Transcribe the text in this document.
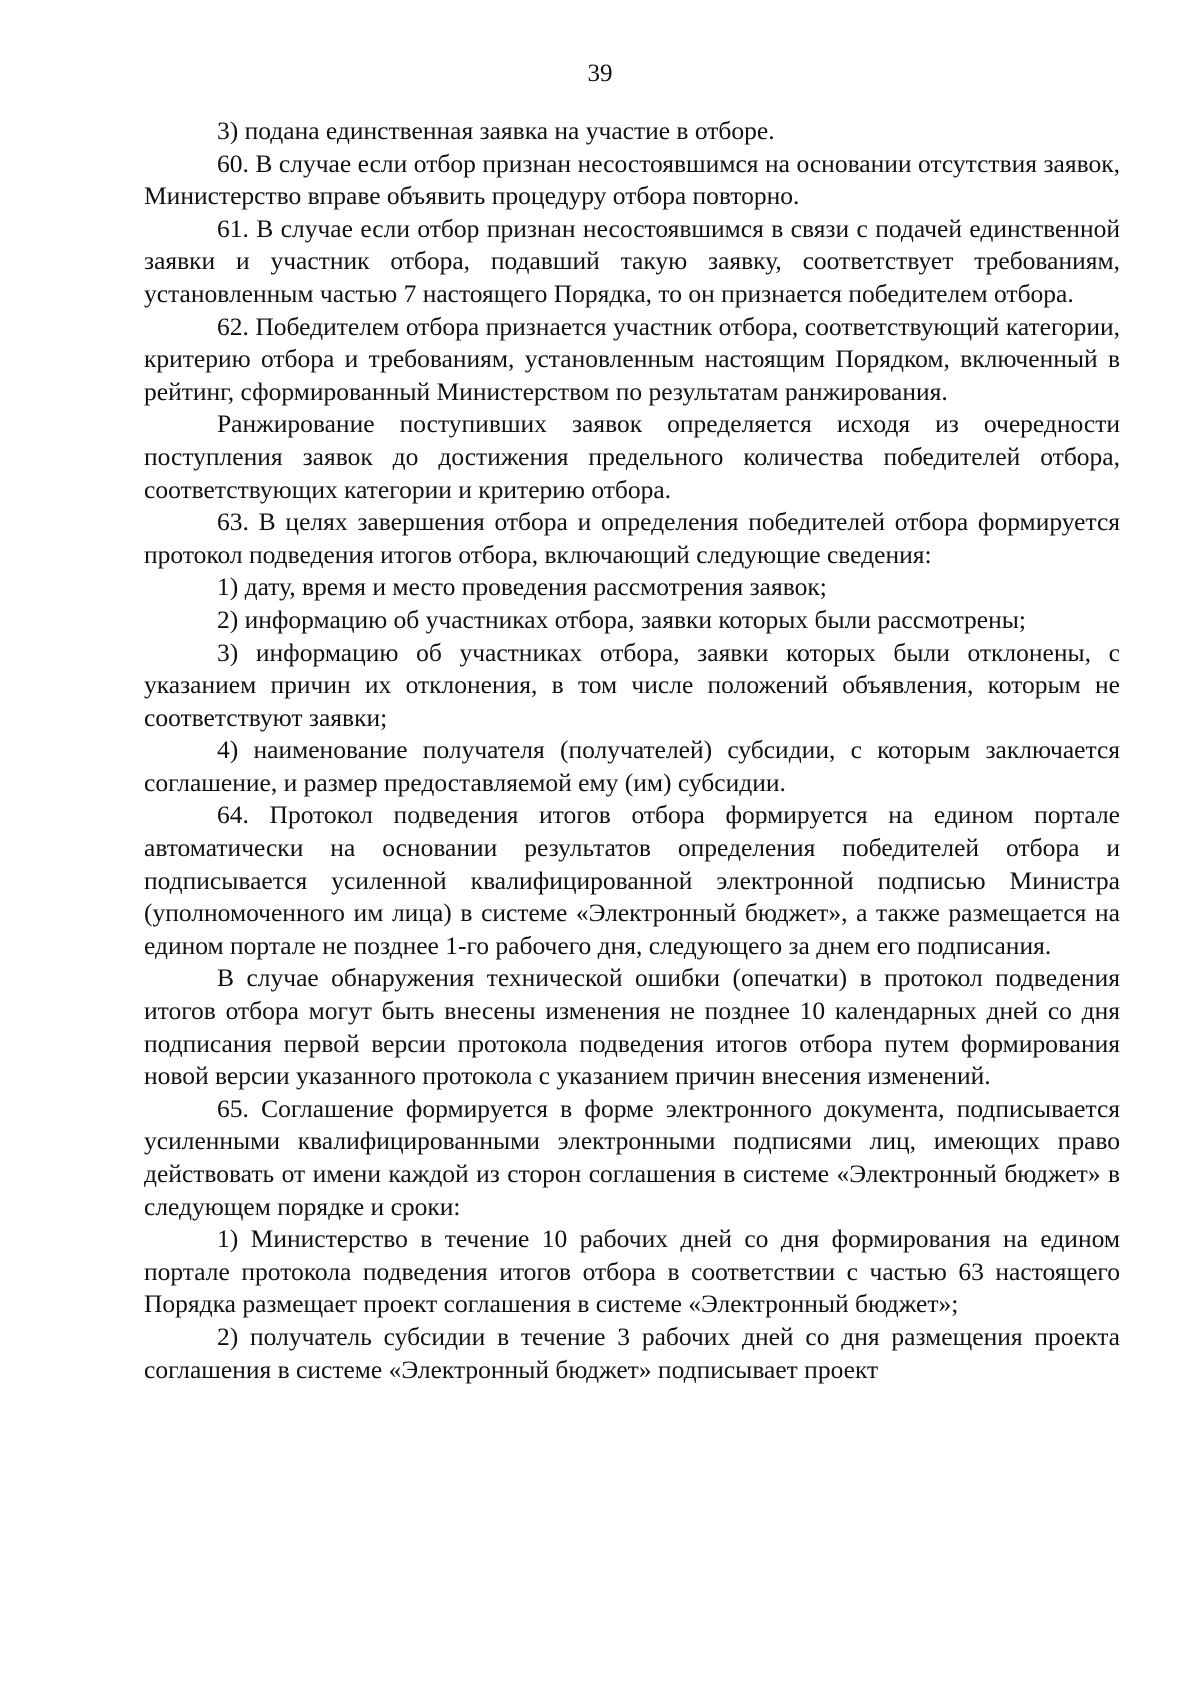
39

3) подана единственная заявка на участие в отборе.

60. В случае если отбор признан несостоявшимся на основании отсутствия заявок, Министерство вправе объявить процедуру отбора повторно.

61. В случае если отбор признан несостоявшимся в связи с подачей единственной заявки и участник отбора, подавший такую заявку, соответствует требованиям, установленным частью 7 настоящего Порядка, то он признается победителем отбора.

62. Победителем отбора признается участник отбора, соответствующий категории, критерию отбора и требованиям, установленным настоящим Порядком, включенный в рейтинг, сформированный Министерством по результатам ранжирования.

Ранжирование поступивших заявок определяется исходя из очередности поступления заявок до достижения предельного количества победителей отбора, соответствующих категории и критерию отбора.

63. В целях завершения отбора и определения победителей отбора формируется протокол подведения итогов отбора, включающий следующие сведения:

1) дату, время и место проведения рассмотрения заявок;

2) информацию об участниках отбора, заявки которых были рассмотрены;

3) информацию об участниках отбора, заявки которых были отклонены, с указанием причин их отклонения, в том числе положений объявления, которым не соответствуют заявки;

4) наименование получателя (получателей) субсидии, с которым заключается соглашение, и размер предоставляемой ему (им) субсидии.

64. Протокол подведения итогов отбора формируется на едином портале автоматически на основании результатов определения победителей отбора и подписывается усиленной квалифицированной электронной подписью Министра (уполномоченного им лица) в системе «Электронный бюджет», а также размещается на едином портале не позднее 1-го рабочего дня, следующего за днем его подписания.

В случае обнаружения технической ошибки (опечатки) в протокол подведения итогов отбора могут быть внесены изменения не позднее 10 календарных дней со дня подписания первой версии протокола подведения итогов отбора путем формирования новой версии указанного протокола с указанием причин внесения изменений.

65. Соглашение формируется в форме электронного документа, подписывается усиленными квалифицированными электронными подписями лиц, имеющих право действовать от имени каждой из сторон соглашения в системе «Электронный бюджет» в следующем порядке и сроки:

1) Министерство в течение 10 рабочих дней со дня формирования на едином портале протокола подведения итогов отбора в соответствии с частью 63 настоящего Порядка размещает проект соглашения в системе «Электронный бюджет»;

2) получатель субсидии в течение 3 рабочих дней со дня размещения проекта соглашения в системе «Электронный бюджет» подписывает проект
